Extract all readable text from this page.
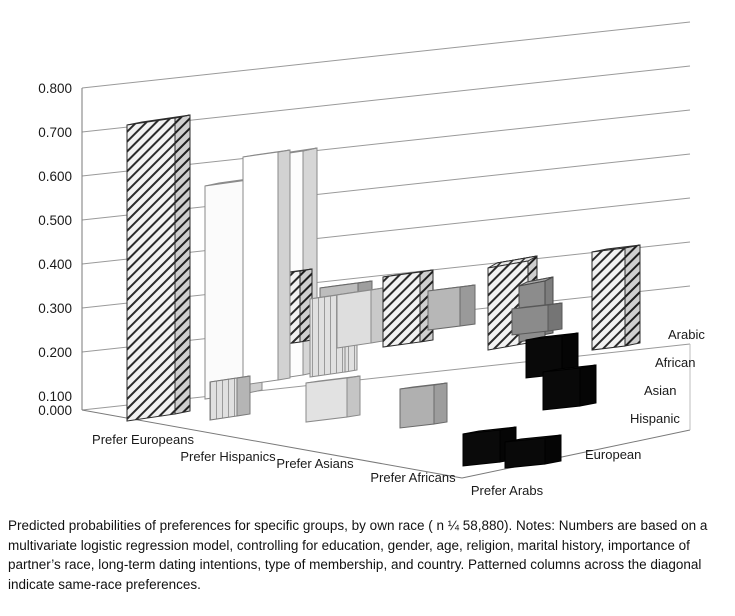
0.800
0.700
0.600
0.500
0.400
0.300
0.200
0.100
0.000
Prefer Europeans
Prefer Hispanics Prefer Asians
Prefer Africans
Prefer Arabs
Arabic
African
Asian
Hispanic
European
Predicted probabilities of preferences for specific groups, by own race ( n ¼ 58,880). Notes: Numbers are based on a multivariate logistic regression model, controlling for education, gender, age, religion, marital history, importance of partner’s race, long-term dating intentions, type of membership, and country. Patterned columns across the diagonal indicate same-race preferences.
